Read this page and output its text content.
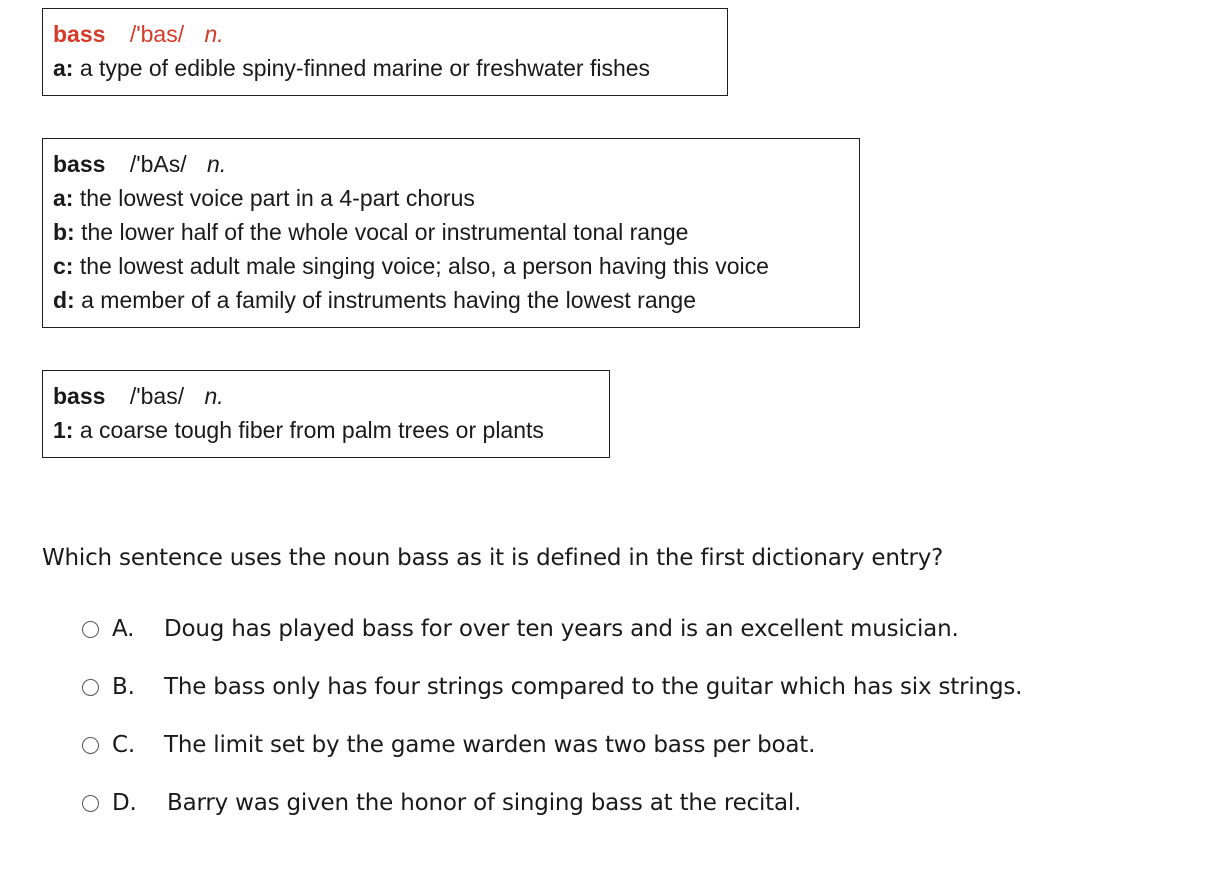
bass /'bas/ n.
a: a type of edible spiny-finned marine or freshwater fishes
bass /'bAs/ n.
a: the lowest voice part in a 4-part chorus
b: the lower half of the whole vocal or instrumental tonal range
c: the lowest adult male singing voice; also, a person having this voice
d: a member of a family of instruments having the lowest range
bass /'bas/ n.
1: a coarse tough fiber from palm trees or plants
Which sentence uses the noun bass as it is defined in the first dictionary entry?
A.	Doug has played bass for over ten years and is an excellent musician.
B.	The bass only has four strings compared to the guitar which has six strings.
C.	The limit set by the game warden was two bass per boat.
D.	Barry was given the honor of singing bass at the recital.
